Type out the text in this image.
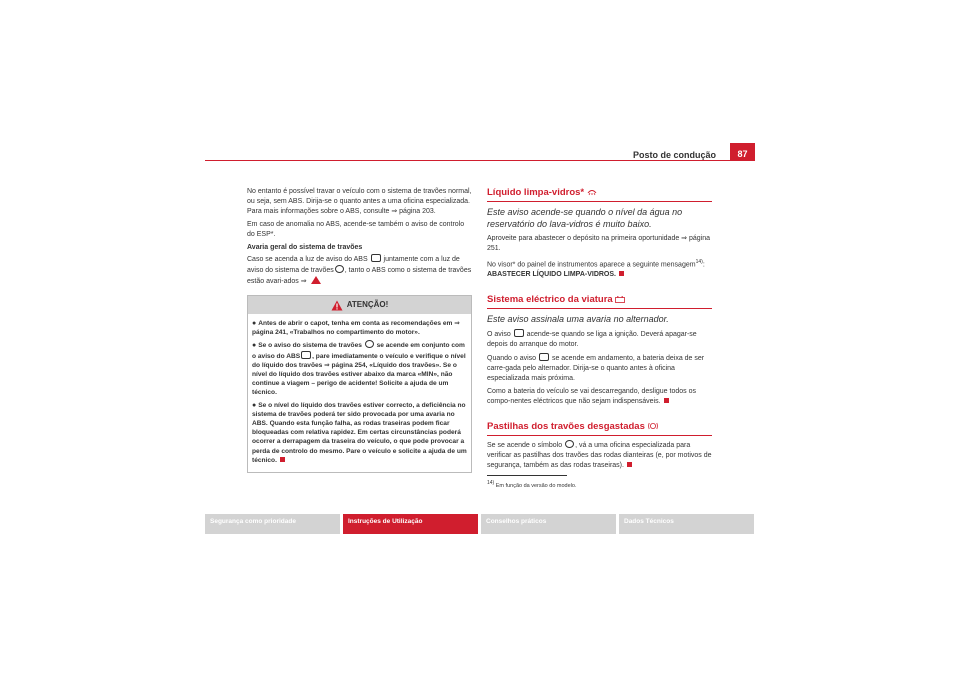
Posto de condução	87

No entanto é possível travar o veículo com o sistema de travões normal, ou seja, sem ABS. Dirija-se o quanto antes a uma oficina especializada. Para mais informações sobre o ABS, consulte ⇒ página 203.

Em caso de anomalia no ABS, acende-se também o aviso de controlo do ESP*.

Avaria geral do sistema de travões

Caso se acenda a luz de aviso do ABS juntamente com a luz de aviso do sistema de travões , tanto o ABS como o sistema de travões estão avari-ados ⇒

ATENÇÃO!

● Antes de abrir o capot, tenha em conta as recomendações em ⇒ página 241, «Trabalhos no compartimento do motor».

● Se o aviso do sistema de travões se acende em conjunto com o aviso do ABS , pare imediatamente o veículo e verifique o nível do líquido dos travões ⇒ página 254, «Líquido dos travões». Se o nível do líquido dos travões estiver abaixo da marca «MIN», não continue a viagem – perigo de acidente! Solicite a ajuda de um técnico.

● Se o nível do líquido dos travões estiver correcto, a deficiência no sistema de travões poderá ter sido provocada por uma avaria no ABS. Quando esta função falha, as rodas traseiras podem ficar bloqueadas com relativa rapidez. Em certas circunstâncias poderá ocorrer a derrapagem da traseira do veículo, o que pode provocar a perda de controlo do mesmo. Pare o veículo e solicite a ajuda de um técnico.

Líquido limpa-vidros*

Este aviso acende-se quando o nível da água no reservatório do lava-vidros é muito baixo.

Aproveite para abastecer o depósito na primeira oportunidade ⇒ página 251.

No visor* do painel de instrumentos aparece a seguinte mensagem$^{14)}$:
ABASTECER LÍQUIDO LIMPA-VIDROS.

Sistema eléctrico da viatura

Este aviso assinala uma avaria no alternador.

O aviso acende-se quando se liga a ignição. Deverá apagar-se depois do arranque do motor.

Quando o aviso se acende em andamento, a bateria deixa de ser carre-gada pelo alternador. Dirija-se o quanto antes à oficina especializada mais próxima.

Como a bateria do veículo se vai descarregando, desligue todos os compo-nentes eléctricos que não sejam indispensáveis.

Pastilhas dos travões desgastadas

Se se acende o símbolo , vá a uma oficina especializada para verificar as pastilhas dos travões das rodas dianteiras (e, por motivos de segurança, também as das rodas traseiras).

$^{14)}$ Em função da versão do modelo.
Segurança como prioridade	Instruções de Utilização	Conselhos práticos	Dados Técnicos
